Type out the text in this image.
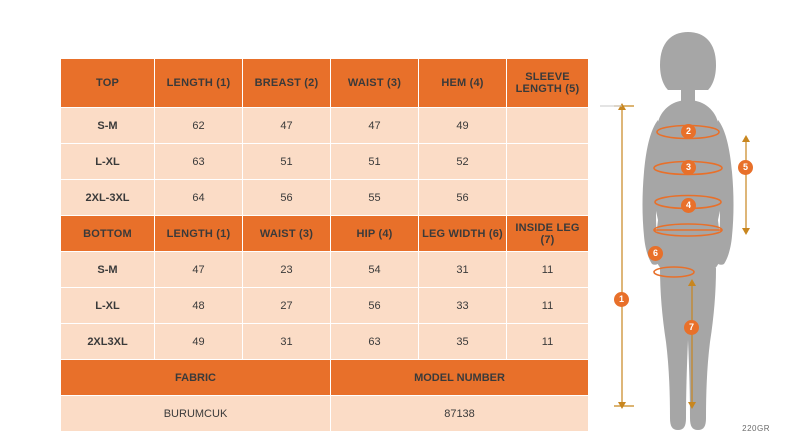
TOP	LENGTH (1)	BREAST (2)	WAIST (3)	HEM (4)	SLEEVE LENGTH (5)
S-M	62	47	47	49	
L-XL	63	51	51	52	
2XL-3XL	64	56	55	56	
BOTTOM	LENGTH (1)	WAIST (3)	HIP (4)	LEG WIDTH (6)	INSIDE LEG (7)
S-M	47	23	54	31	11
L-XL	48	27	56	33	11
2XL3XL	49	31	63	35	11
FABRIC			MODEL NUMBER		
BURUMCUK			87138		
2
3
4
5
6
1
7
220GR
